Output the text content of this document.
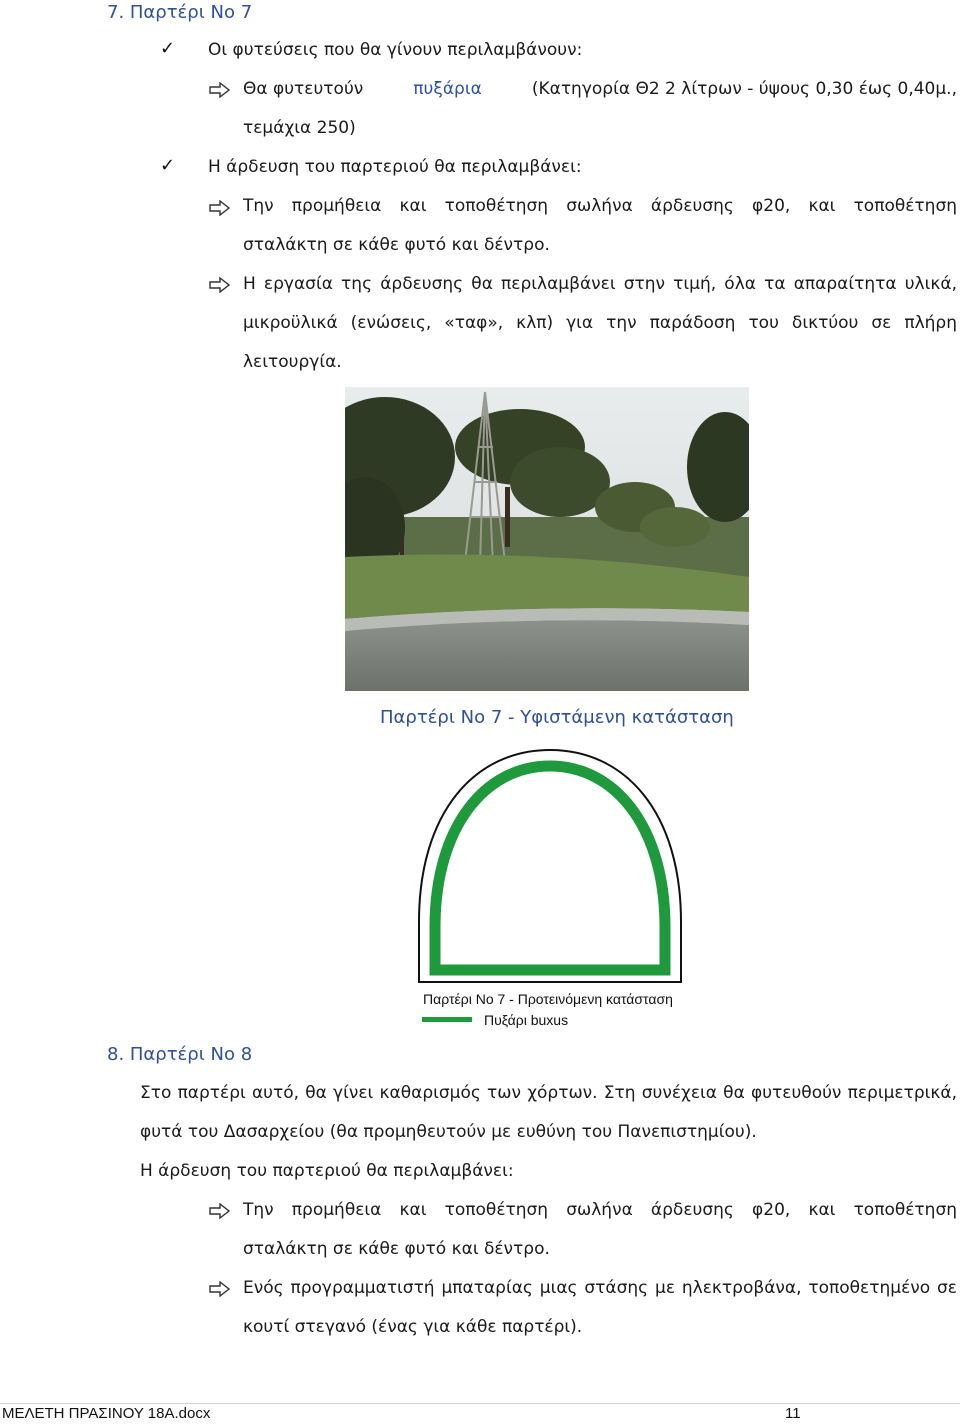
7. Παρτέρι Νο 7
✓ Οι φυτεύσεις που θα γίνουν περιλαμβάνουν:
Θα φυτευτούν	πυξάρια	(Κατηγορία Θ2 2 λίτρων - ύψους 0,30 έως 0,40μ.,
τεμάχια 250)
✓ Η άρδευση του παρτεριού θα περιλαμβάνει:
Την προμήθεια και τοποθέτηση σωλήνα άρδευσης φ20, και τοποθέτηση
σταλάκτη σε κάθε φυτό και δέντρο.
Η εργασία της άρδευσης θα περιλαμβάνει στην τιμή, όλα τα απαραίτητα υλικά,
μικροϋλικά (ενώσεις, «ταφ», κλπ) για την παράδοση του δικτύου σε πλήρη
λειτουργία.
Παρτέρι Νο 7 - Υφιστάμενη κατάσταση
Παρτέρι Νο 7 - Προτεινόμενη κατάσταση
Πυξάρι buxus
8. Παρτέρι Νο 8
Στο παρτέρι αυτό, θα γίνει καθαρισμός των χόρτων. Στη συνέχεια θα φυτευθούν περιμετρικά,
φυτά του Δασαρχείου (θα προμηθευτούν με ευθύνη του Πανεπιστημίου).
Η άρδευση του παρτεριού θα περιλαμβάνει:
Την προμήθεια και τοποθέτηση σωλήνα άρδευσης φ20, και τοποθέτηση
σταλάκτη σε κάθε φυτό και δέντρο.
Ενός προγραμματιστή μπαταρίας μιας στάσης με ηλεκτροβάνα, τοποθετημένο σε
κουτί στεγανό (ένας για κάθε παρτέρι).
ΜΕΛΕΤΗ ΠΡΑΣΙΝΟΥ 18Α.docx	11
